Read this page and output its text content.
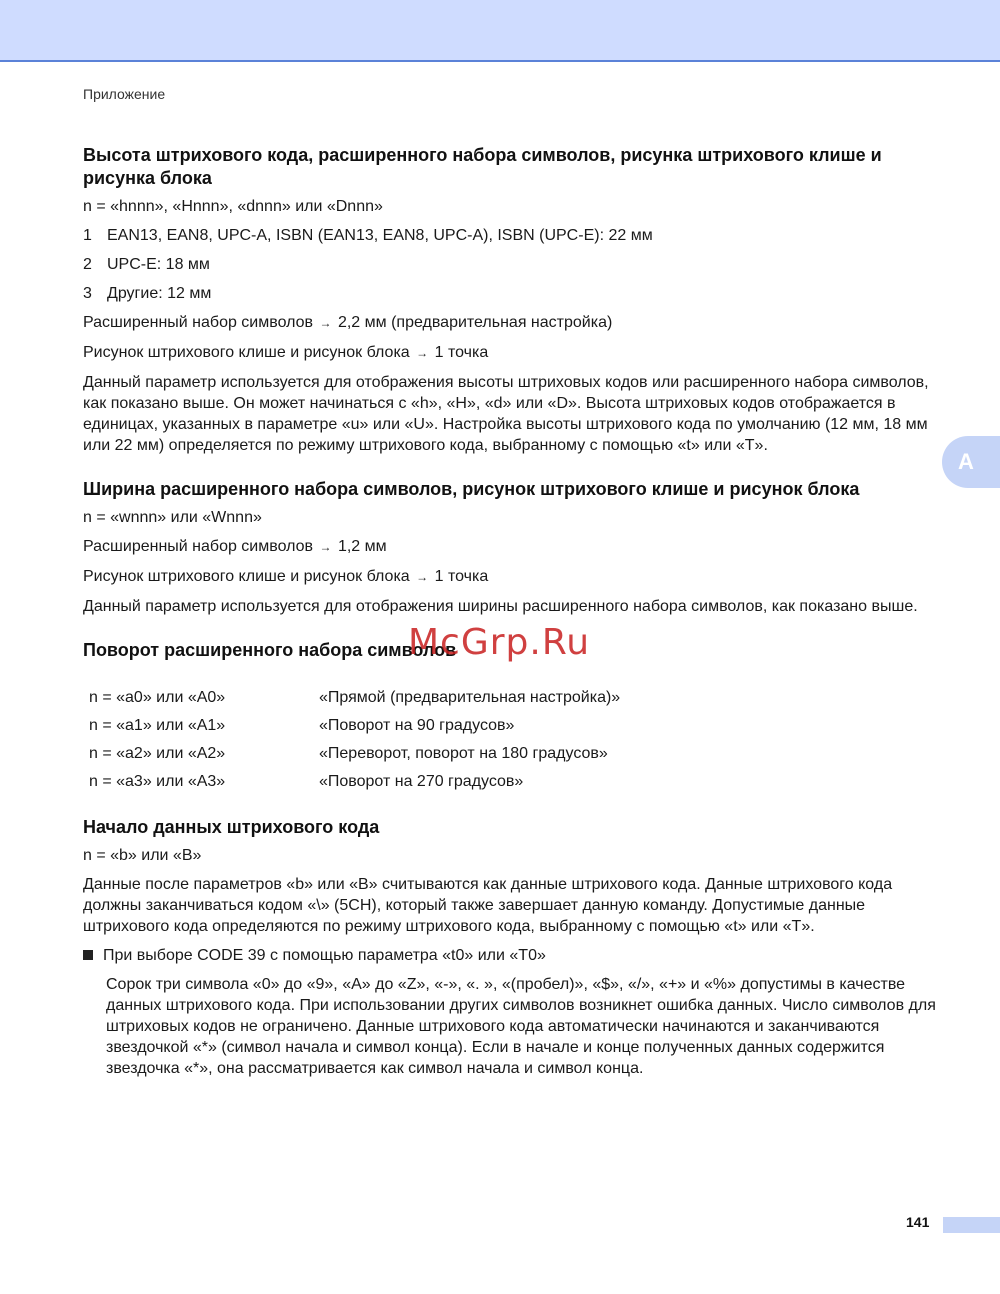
Приложение
Высота штрихового кода, расширенного набора символов, рисунка штрихового клише и рисунка блока

n = «hnnn», «Hnnn», «dnnn» или «Dnnn»

1 EAN13, EAN8, UPC-A, ISBN (EAN13, EAN8, UPC-A), ISBN (UPC-E): 22 мм
2 UPC-E: 18 мм
3 Другие: 12 мм

Расширенный набор символов → 2,2 мм (предварительная настройка)

Рисунок штрихового клише и рисунок блока → 1 точка

Данный параметр используется для отображения высоты штриховых кодов или расширенного набора символов, как показано выше. Он может начинаться с «h», «H», «d» или «D». Высота штриховых кодов отображается в единицах, указанных в параметре «u» или «U». Настройка высоты штрихового кода по умолчанию (12 мм, 18 мм или 22 мм) определяется по режиму штрихового кода, выбранному с помощью «t» или «T».

Ширина расширенного набора символов, рисунок штрихового клише и рисунок блока

n = «wnnn» или «Wnnn»

Расширенный набор символов → 1,2 мм

Рисунок штрихового клише и рисунок блока → 1 точка

Данный параметр используется для отображения ширины расширенного набора символов, как показано выше.

Поворот расширенного набора символов
n = «a0» или «A0»	«Прямой (предварительная настройка)»
n = «a1» или «A1»	«Поворот на 90 градусов»
n = «a2» или «A2»	«Переворот, поворот на 180 градусов»
n = «a3» или «A3»	«Поворот на 270 градусов»
Начало данных штрихового кода

n = «b» или «B»

Данные после параметров «b» или «B» считываются как данные штрихового кода. Данные штрихового кода должны заканчиваться кодом «\» (5CH), который также завершает данную команду. Допустимые данные штрихового кода определяются по режиму штрихового кода, выбранному с помощью «t» или «T».

При выборе CODE 39 с помощью параметра «t0» или «T0»

Сорок три символа «0» до «9», «A» до «Z», «-», «. », «(пробел)», «$», «/», «+» и «%» допустимы в качестве данных штрихового кода. При использовании других символов возникнет ошибка данных. Число символов для штриховых кодов не ограничено. Данные штрихового кода автоматически начинаются и заканчиваются звездочкой «*» (символ начала и символ конца). Если в начале и конце полученных данных содержится звездочка «*», она рассматривается как символ начала и символ конца.

A
McGrp.Ru
141
